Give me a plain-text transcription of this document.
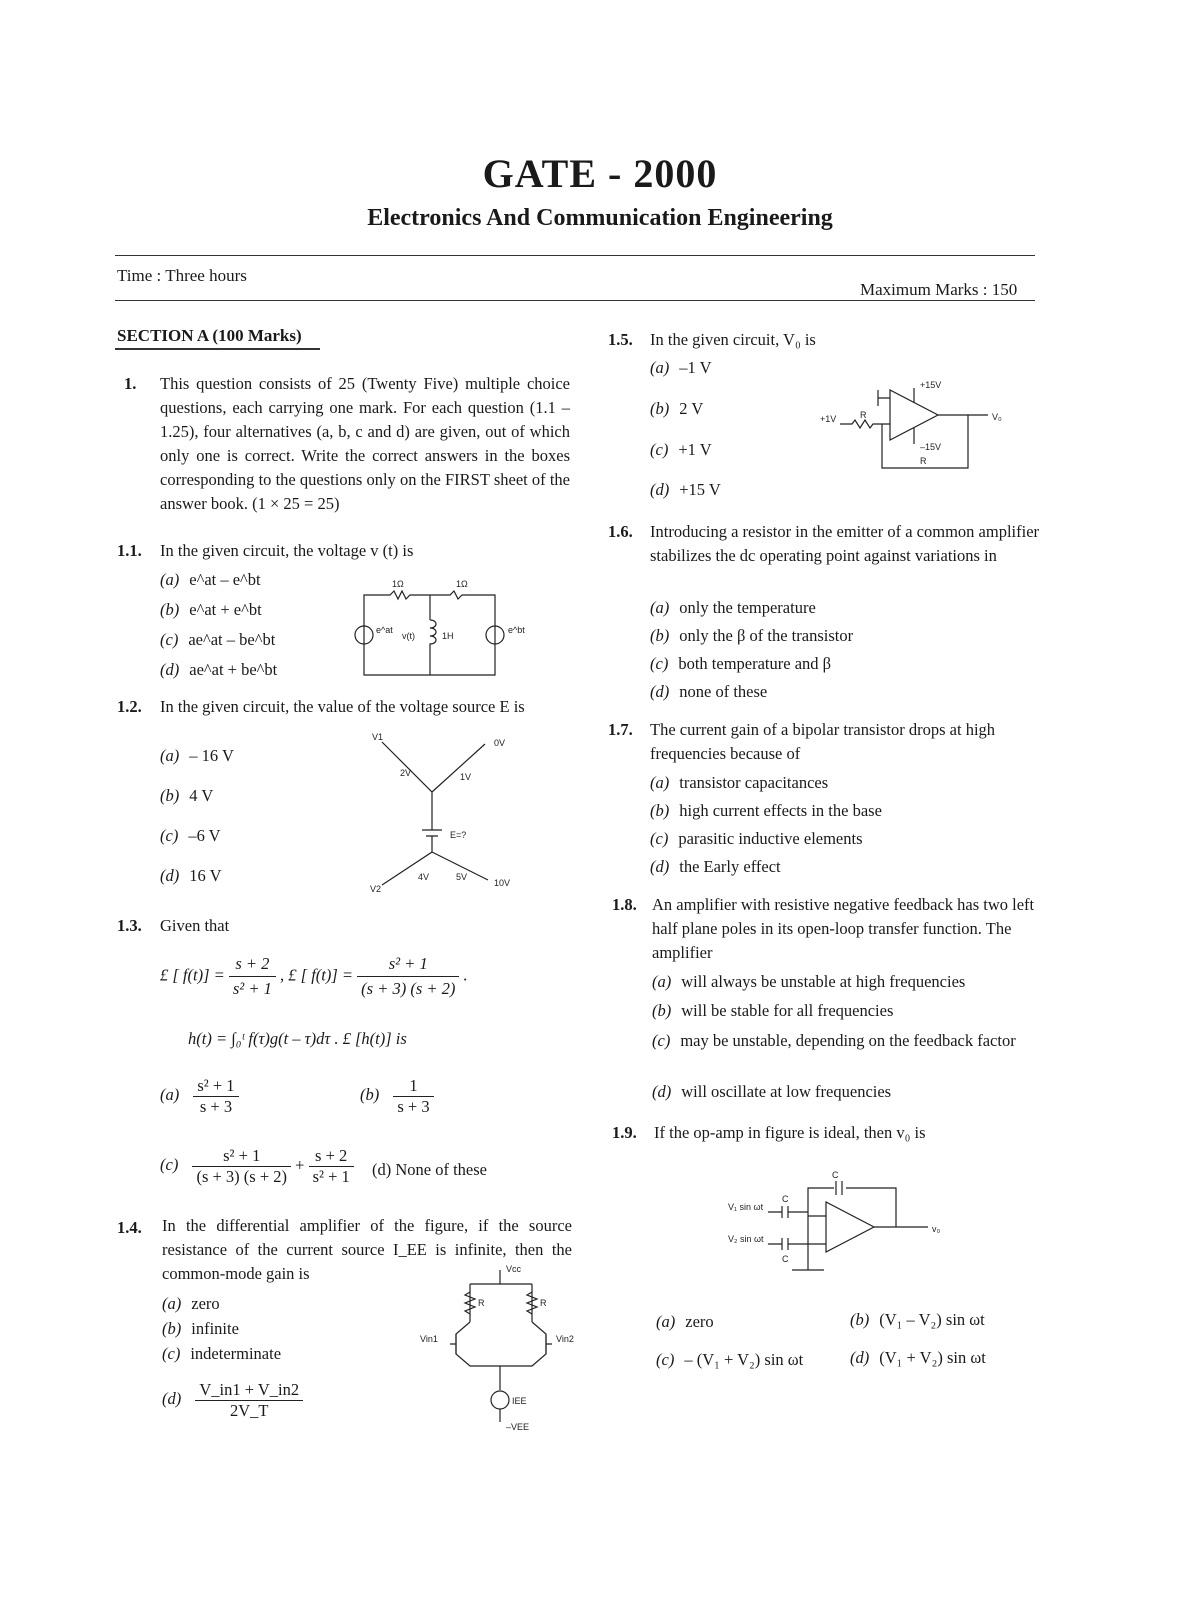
GATE - 2000
Electronics And Communication Engineering
Time : Three hours
Maximum Marks : 150
SECTION A (100 Marks)
1. This question consists of 25 (Twenty Five) multiple choice questions, each carrying one mark. For each question (1.1 – 1.25), four alternatives (a, b, c and d) are given, out of which only one is correct. Write the correct answers in the boxes corresponding to the questions only on the FIRST sheet of the answer book. (1 × 25 = 25)
1.1. In the given circuit, the voltage v (t) is
(a) e^at – e^bt
(b) e^at + e^bt
(c) ae^at – be^bt
(d) ae^at + be^bt
1Ω	1Ω
1H
v(t)
e^at	e^bt
1.2. In the given circuit, the value of the voltage source E is
(a) – 16 V
(b) 4 V
(c) –6 V
(d) 16 V
V1
0V
2V	1V
E=?
4V	5V
10V
V2
1.3. Given that
£ [ $f(t)] = \frac{s + 2}{\text{s² + 1}}$ , £ [ $f(t)] = \frac{\text{s² + 1}}{(s + 3) (s + 2)}$ .
h(t) = ∫₀ᵗ f(τ)g(t – τ)dτ . £ [h(t)] is
$(a) \frac{\text{s² + 1}}{s + 3}$	$(b) \frac{1}{s + 3}$
$(c) \frac{\text{s² + 1}}{(s + 3) (s + 2)} + \frac{s + 2}{\text{s² + 1}} (d)$ None of these
1.4. In the differential amplifier of the figure, if the source resistance of the current source I_EE is infinite, then the common-mode gain is
(a) zero
(b) infinite
(c) indeterminate
$(d) \frac{V\_in1 + V\_in2}{2V\_T}$
Vcc
R	R
Vin1	Vin2
IEE
–VEE
1.5. In the given circuit, V₀ is
(a) –1 V
(b) 2 V
(c) +1 V
(d) +15 V
+15V
–15V
+1V	R
R
V₀
1.6. Introducing a resistor in the emitter of a common amplifier stabilizes the dc operating point against variations in
(a) only the temperature
(b) only the β of the transistor
(c) both temperature and β
(d) none of these
1.7. The current gain of a bipolar transistor drops at high frequencies because of
(a) transistor capacitances
(b) high current effects in the base
(c) parasitic inductive elements
(d) the Early effect
1.8. An amplifier with resistive negative feedback has two left half plane poles in its open-loop transfer function. The amplifier
(a) will always be unstable at high frequencies
(b) will be stable for all frequencies
(c) may be unstable, depending on the feedback factor
(d) will oscillate at low frequencies
1.9. If the op-amp in figure is ideal, then v₀ is
C
V₁ sin ωt
V₂ sin ωt
C
C
v₀
(a) zero	(b) (V₁ – V₂) sin ωt
(c) – (V₁ + V₂) sin ωt	(d) (V₁ + V₂) sin ωt
